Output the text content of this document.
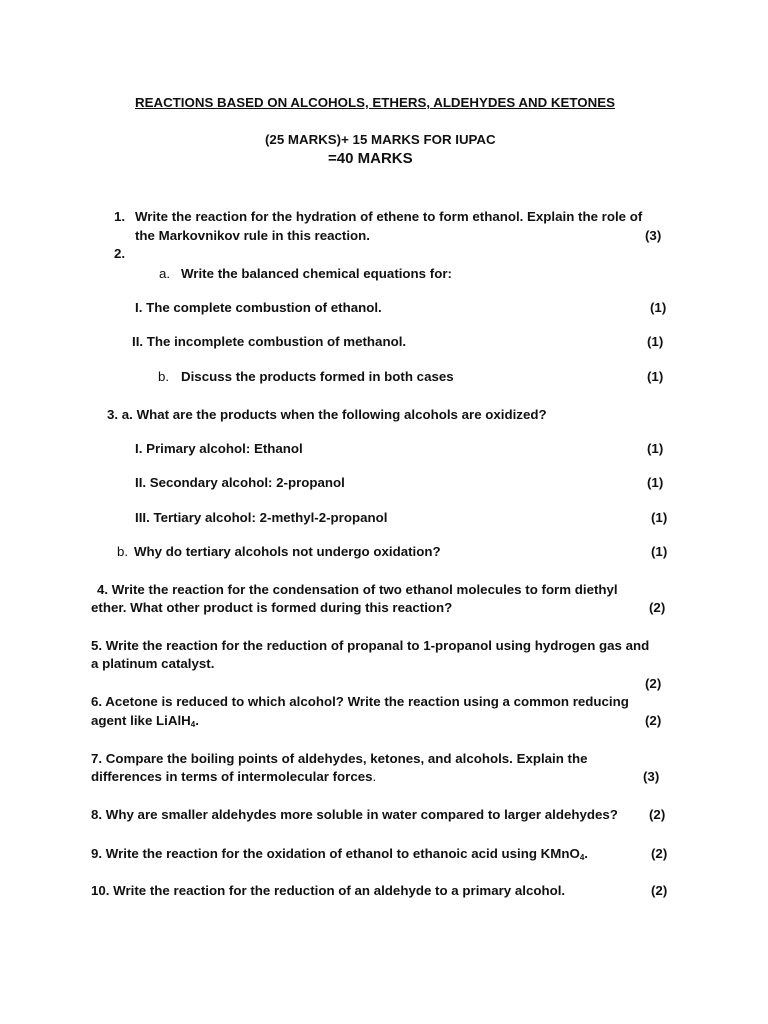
REACTIONS BASED ON ALCOHOLS, ETHERS, ALDEHYDES AND KETONES
(25 MARKS)+ 15 MARKS FOR IUPAC
=40 MARKS
1. Write the reaction for the hydration of ethene to form ethanol. Explain the role of
the Markovnikov rule in this reaction.	(3)
2.
a. Write the balanced chemical equations for:
I. The complete combustion of ethanol.	(1)
II. The incomplete combustion of methanol.	(1)
b. Discuss the products formed in both cases	(1)
3. a. What are the products when the following alcohols are oxidized?
I. Primary alcohol: Ethanol	(1)
II. Secondary alcohol: 2-propanol	(1)
III. Tertiary alcohol: 2-methyl-2-propanol	(1)
b. Why do tertiary alcohols not undergo oxidation?	(1)
4. Write the reaction for the condensation of two ethanol molecules to form diethyl
ether. What other product is formed during this reaction?	(2)
5. Write the reaction for the reduction of propanal to 1-propanol using hydrogen gas and
a platinum catalyst.
(2)
6. Acetone is reduced to which alcohol? Write the reaction using a common reducing
agent like LiAlH$_4$.	(2)
7. Compare the boiling points of aldehydes, ketones, and alcohols. Explain the
differences in terms of intermolecular forces.	(3)
8. Why are smaller aldehydes more soluble in water compared to larger aldehydes? (2)
9. Write the reaction for the oxidation of ethanol to ethanoic acid using KMnO$_4$.	(2)
10. Write the reaction for the reduction of an aldehyde to a primary alcohol.	(2)
